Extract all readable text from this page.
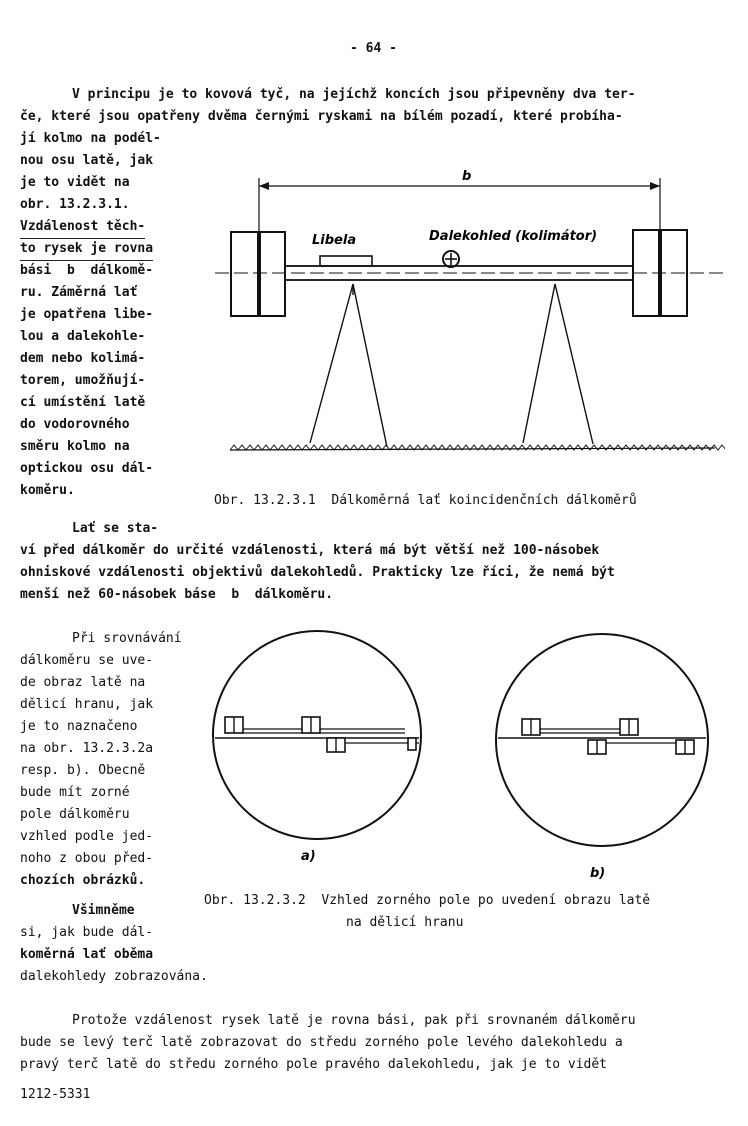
- 64 -
V principu je to kovová tyč, na jejíchž koncích jsou připevněny dva ter-
če, které jsou opatřeny dvěma černými ryskami na bílém pozadí, které probíha-
jí kolmo na podél-
nou osu latě, jak
je to vidět na
obr. 13.2.3.1.
Vzdálenost těch-
to rysek je rovna
bási  b  dálkomě-
ru. Záměrná lať
je opatřena libe-
lou a dalekohle-
dem nebo kolimá-
torem, umožňují-
cí umístění latě
do vodorovného
směru kolmo na
optickou osu dál-
koměru.
b
Libela	Dalekohled (kolimátor)
Obr. 13.2.3.1  Dálkoměrná lať koincidenčních dálkoměrů
Lať se sta-
ví před dálkoměr do určité vzdálenosti, která má být větší než 100-násobek
ohniskové vzdálenosti objektivů dalekohledů. Prakticky lze říci, že nemá být
menší než 60-násobek báse  b  dálkoměru.
Při srovnávání
dálkoměru se uve-
de obraz latě na
dělicí hranu, jak
je to naznačeno
na obr. 13.2.3.2a
resp. b). Obecně
bude mít zorné
pole dálkoměru
vzhled podle jed-
noho z obou před-
chozích obrázků.
a)
b)
Obr. 13.2.3.2  Vzhled zorného pole po uvedení obrazu latě
na dělicí hranu
Všimněme
si, jak bude dál-
koměrná lať oběma
dalekohledy zobrazována.
Protože vzdálenost rysek latě je rovna bási, pak při srovnaném dálkoměru
bude se levý terč latě zobrazovat do středu zorného pole levého dalekohledu a
pravý terč latě do středu zorného pole pravého dalekohledu, jak je to vidět
1212-5331
